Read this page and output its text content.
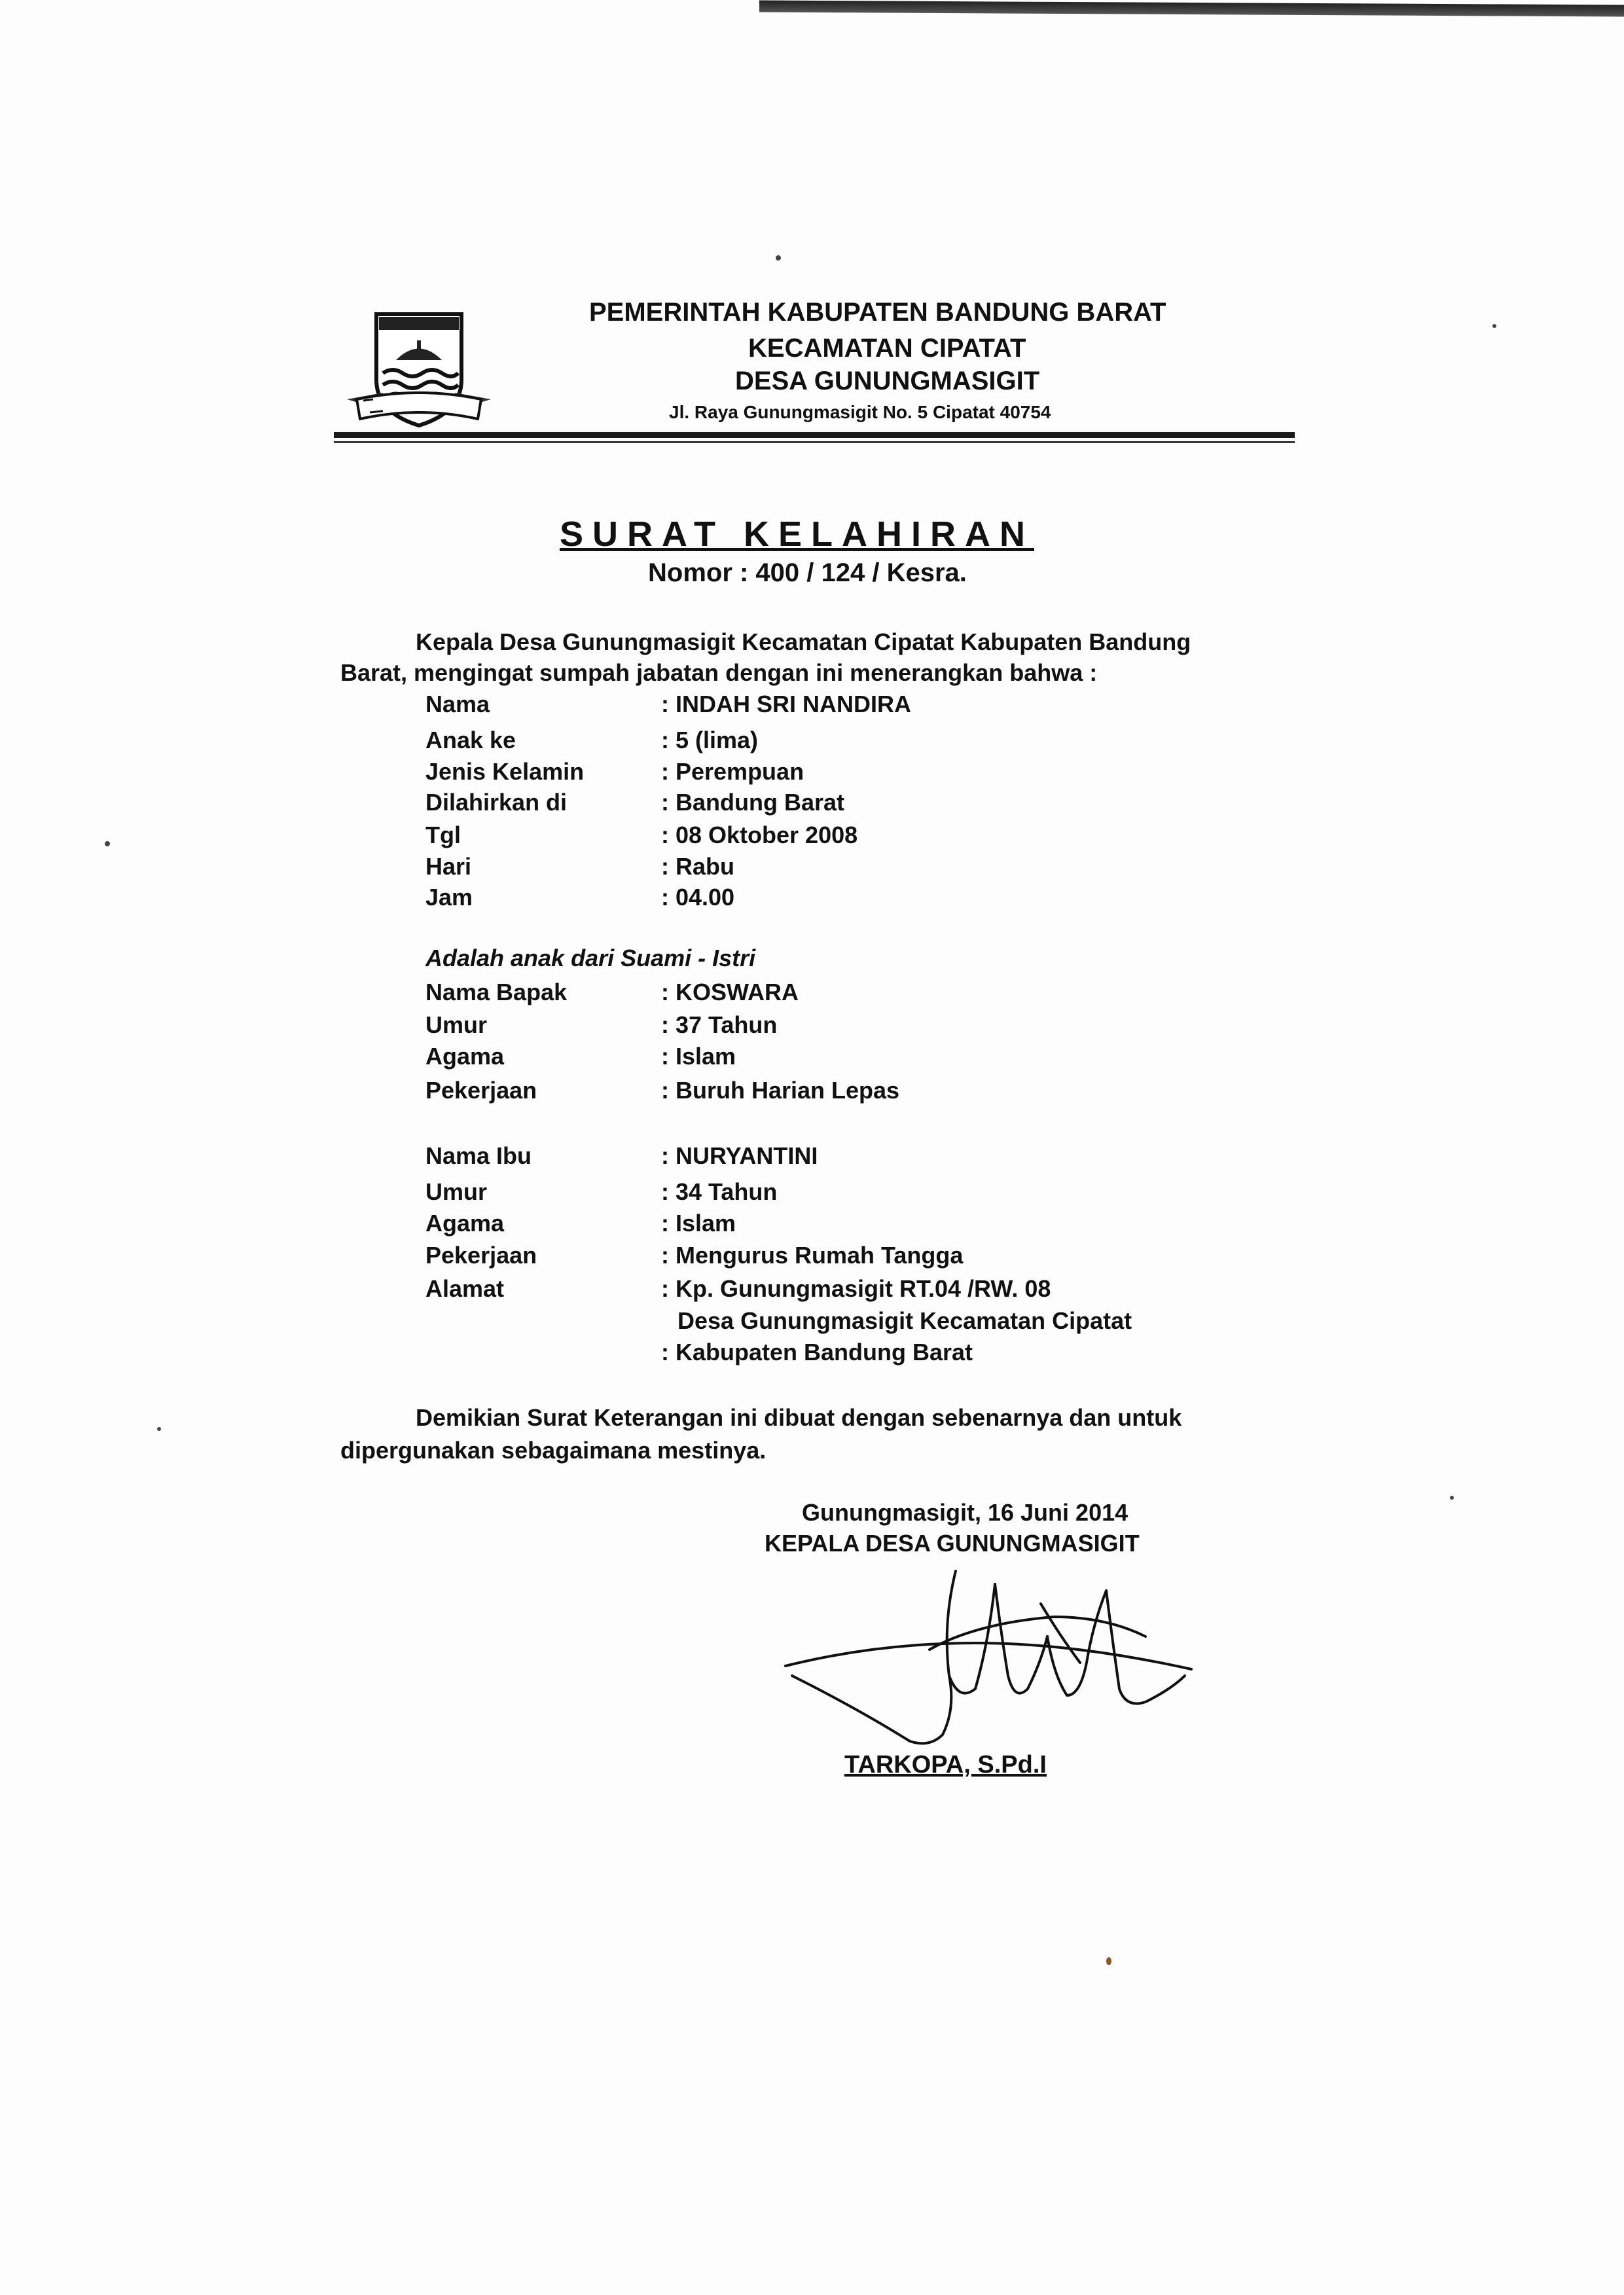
PEMERINTAH KABUPATEN BANDUNG BARAT
KECAMATAN CIPATAT
DESA GUNUNGMASIGIT
Jl. Raya Gunungmasigit No. 5 Cipatat 40754
SURAT KELAHIRAN
Nomor : 400 / 124 / Kesra.
Kepala Desa Gunungmasigit Kecamatan Cipatat Kabupaten Bandung
Barat, mengingat sumpah jabatan dengan ini menerangkan bahwa :
Nama	: INDAH SRI NANDIRA
Anak ke	: 5 (lima)
Jenis Kelamin	: Perempuan
Dilahirkan di	: Bandung Barat
Tgl	: 08 Oktober 2008
Hari	: Rabu
Jam	: 04.00
Adalah anak dari Suami - Istri
Nama Bapak	: KOSWARA
Umur	: 37 Tahun
Agama	: Islam
Pekerjaan	: Buruh Harian Lepas
Nama Ibu	: NURYANTINI
Umur	: 34 Tahun
Agama	: Islam
Pekerjaan	: Mengurus Rumah Tangga
Alamat	: Kp. Gunungmasigit RT.04 /RW. 08
Desa Gunungmasigit Kecamatan Cipatat
: Kabupaten Bandung Barat
Demikian Surat Keterangan ini dibuat dengan sebenarnya dan untuk
dipergunakan sebagaimana mestinya.
Gunungmasigit, 16 Juni 2014
KEPALA DESA GUNUNGMASIGIT
TARKOPA, S.Pd.I
